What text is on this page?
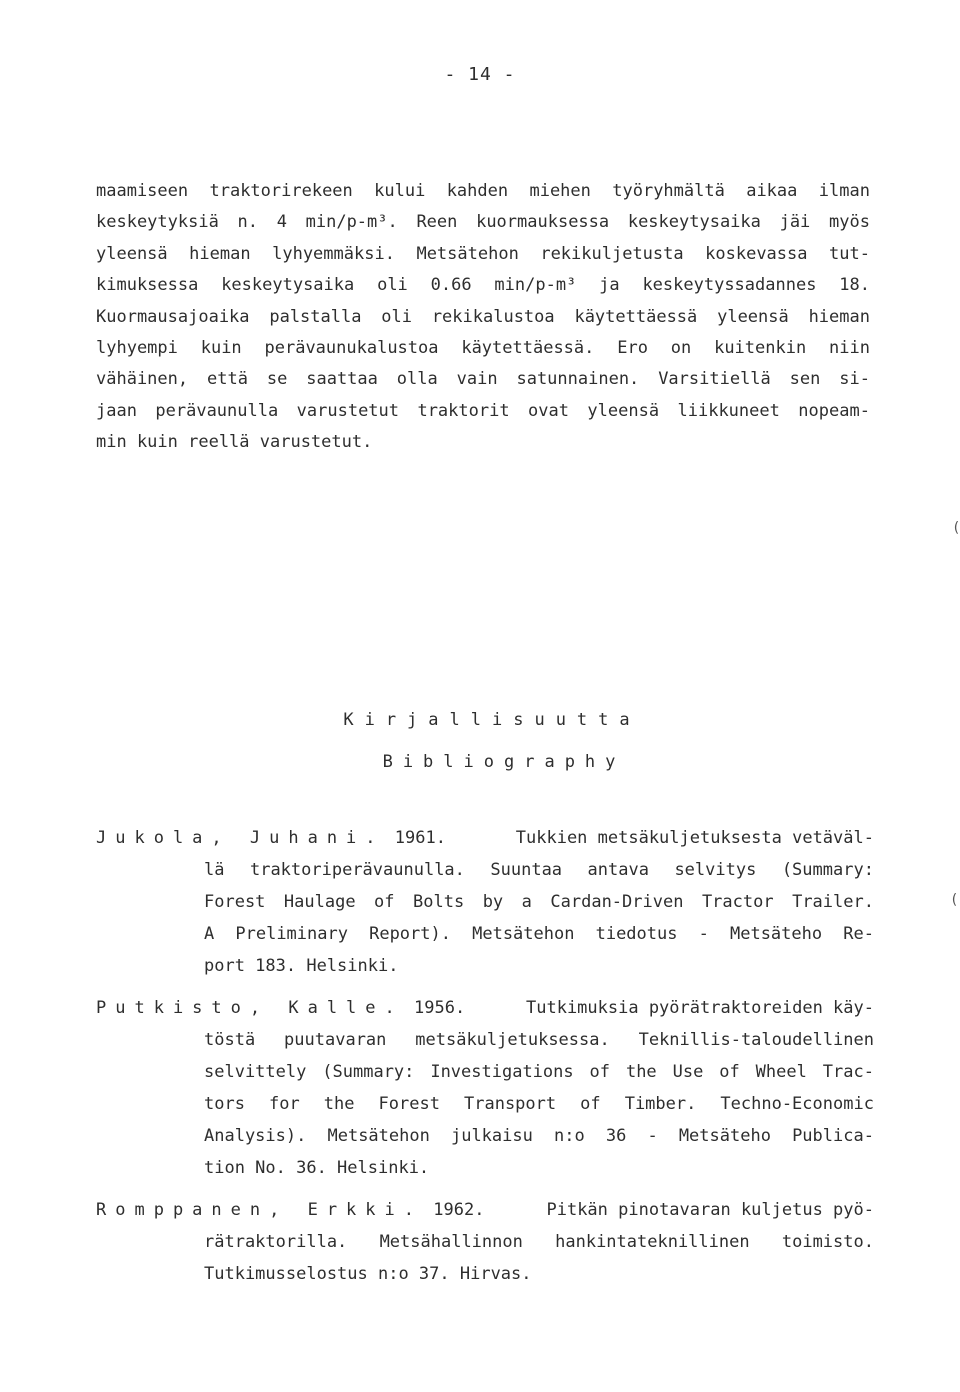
- 14 -
maamiseen traktorirekeen kului kahden miehen työryhmältä aikaa ilman
keskeytyksiä n. 4 min/p-m³. Reen kuormauksessa keskeytysaika jäi myös
yleensä hieman lyhyemmäksi. Metsätehon rekikuljetusta koskevassa tut-
kimuksessa keskeytysaika oli 0.66 min/p-m³ ja keskeytyssadannes 18.
Kuormausajoaika palstalla oli rekikalustoa käytettäessä yleensä hieman
lyhyempi kuin perävaunukalustoa käytettäessä. Ero on kuitenkin niin
vähäinen, että se saattaa olla vain satunnainen. Varsitiellä sen si-
jaan perävaunulla varustetut traktorit ovat yleensä liikkuneet nopeam-
min kuin reellä varustetut.
(
(
Kirjallisuutta
Bibliography
Jukola, Juhani. 1961.	Tukkien metsäkuljetuksesta vetäväl-
lä traktoriperävaunulla. Suuntaa antava selvitys (Summary:
Forest Haulage of Bolts by a Cardan-Driven Tractor Trailer.
A Preliminary Report). Metsätehon tiedotus - Metsäteho Re-
port 183. Helsinki.
Putkisto, Kalle. 1956.	Tutkimuksia pyörätraktoreiden käy-
töstä puutavaran metsäkuljetuksessa. Teknillis-taloudellinen
selvittely (Summary: Investigations of the Use of Wheel Trac-
tors for the Forest Transport of Timber. Techno-Economic
Analysis). Metsätehon julkaisu n:o 36 - Metsäteho Publica-
tion No. 36. Helsinki.
Romppanen, Erkki. 1962.	Pitkän pinotavaran kuljetus pyö-
rätraktorilla. Metsähallinnon hankintateknillinen toimisto.
Tutkimusselostus n:o 37. Hirvas.
